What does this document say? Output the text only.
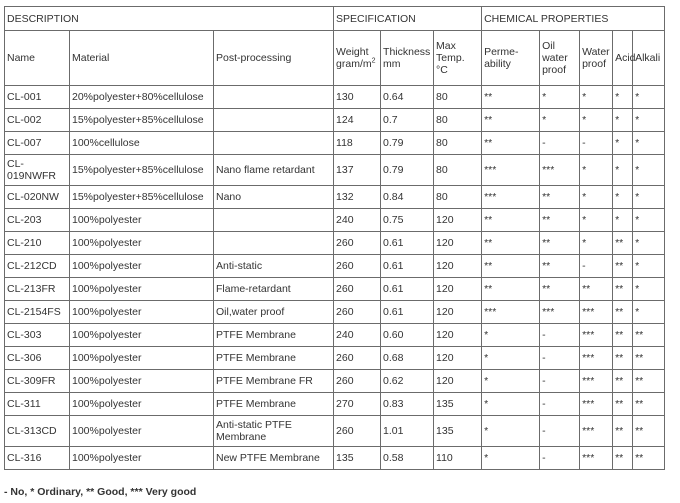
DESCRIPTION			SPECIFICATION			CHEMICAL PROPERTIES				
Name	Material	Post-processing	Weight gram/$m^2$	Thickness mm	Max Temp. °C	Perme- ability	Oil water proof	Water proof	Acid	Alkali
CL-001	20%polyester+80%cellulose		130	0.64	80	**	*	*	*	*
CL-002	15%polyester+85%cellulose		124	0.7	80	**	*	*	*	*
CL-007	100%cellulose		118	0.79	80	**	-	-	*	*
CL-019NWFR	15%polyester+85%cellulose	Nano flame retardant	137	0.79	80	***	***	*	*	*
CL-020NW	15%polyester+85%cellulose	Nano	132	0.84	80	***	**	*	*	*
CL-203	100%polyester		240	0.75	120	**	**	*	*	*
CL-210	100%polyester		260	0.61	120	**	**	*	**	*
CL-212CD	100%polyester	Anti-static	260	0.61	120	**	**	-	**	*
CL-213FR	100%polyester	Flame-retardant	260	0.61	120	**	**	**	**	*
CL-2154FS	100%polyester	Oil,water proof	260	0.61	120	***	***	***	**	*
CL-303	100%polyester	PTFE Membrane	240	0.60	120	*	-	***	**	**
CL-306	100%polyester	PTFE Membrane	260	0.68	120	*	-	***	**	**
CL-309FR	100%polyester	PTFE Membrane FR	260	0.62	120	*	-	***	**	**
CL-311	100%polyester	PTFE Membrane	270	0.83	135	*	-	***	**	**
CL-313CD	100%polyester	Anti-static PTFE Membrane	260	1.01	135	*	-	***	**	**
CL-316	100%polyester	New PTFE Membrane	135	0.58	110	*	-	***	**	**
- No, * Ordinary, ** Good, *** Very good
